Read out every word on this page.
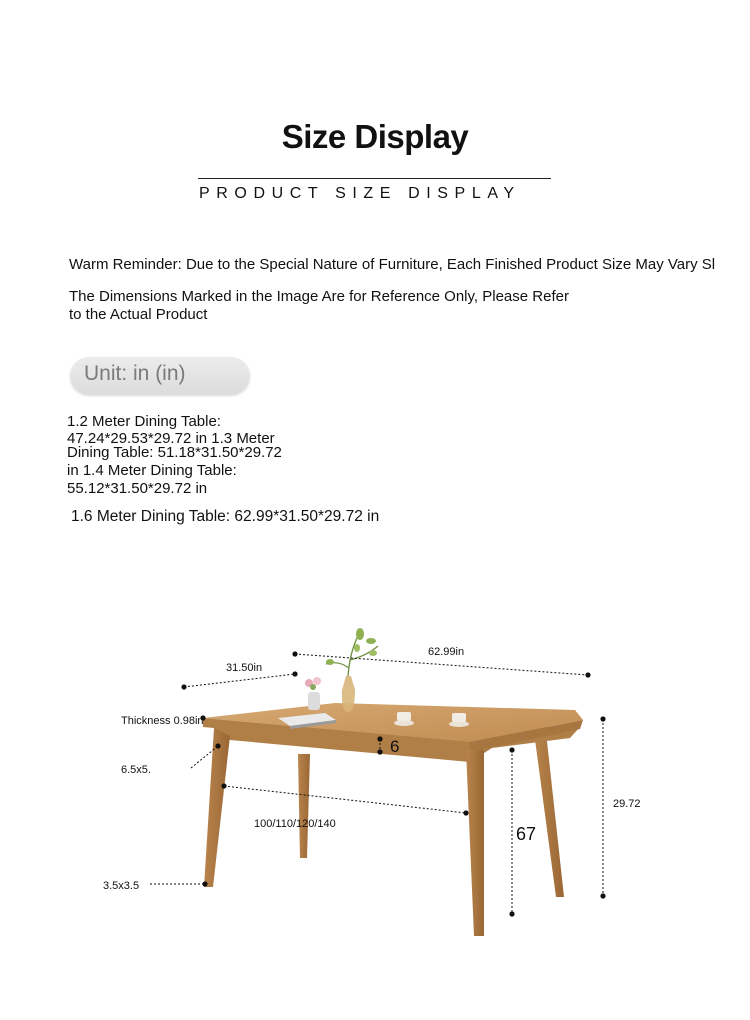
Size Display
PRODUCT SIZE DISPLAY
Warm Reminder: Due to the Special Nature of Furniture, Each Finished Product Size May Vary Sl
The Dimensions Marked in the Image Are for Reference Only, Please Refer
to the Actual Product
Unit: in (in)
1.2 Meter Dining Table:
47.24*29.53*29.72 in 1.3 Meter
Dining Table: 51.18*31.50*29.72
in 1.4 Meter Dining Table:
55.12*31.50*29.72 in
1.6 Meter Dining Table: 62.99*31.50*29.72 in
31.50in
62.99in
Thickness 0.98in
6.5x5.
6
100/110/120/140	67
29.72
3.5x3.5
